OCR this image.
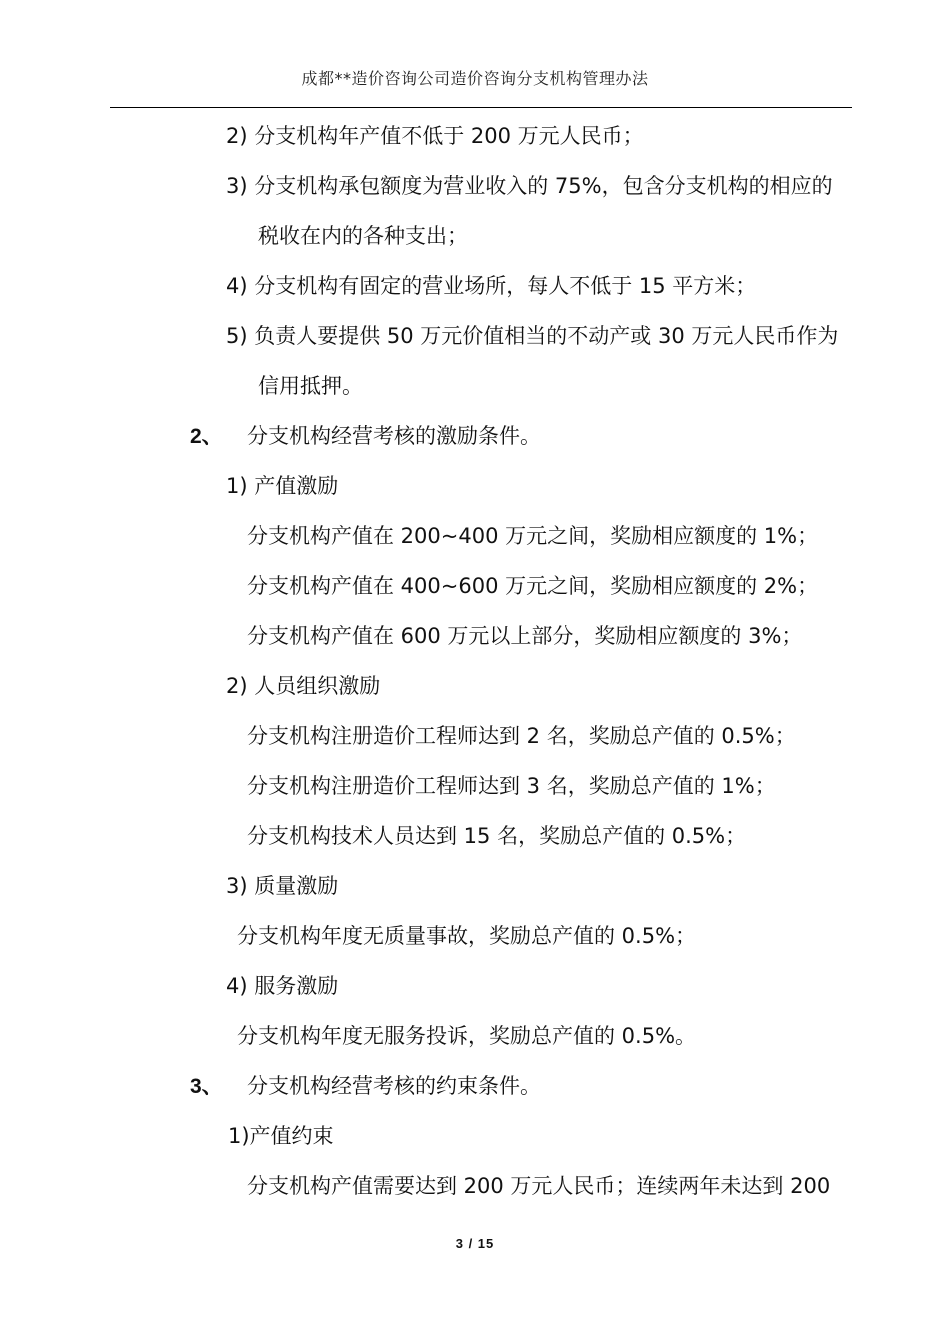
成都**造价咨询公司造价咨询分支机构管理办法
2) 分支机构年产值不低于 200 万元人民币；
3) 分支机构承包额度为营业收入的 75%，包含分支机构的相应的
税收在内的各种支出；
4) 分支机构有固定的营业场所，每人不低于 15 平方米；
5) 负责人要提供 50 万元价值相当的不动产或 30 万元人民币作为
信用抵押。
2、 分支机构经营考核的激励条件。
1) 产值激励
分支机构产值在 200~400 万元之间，奖励相应额度的 1%；
分支机构产值在 400~600 万元之间，奖励相应额度的 2%；
分支机构产值在 600 万元以上部分，奖励相应额度的 3%；
2) 人员组织激励
分支机构注册造价工程师达到 2 名，奖励总产值的 0.5%；
分支机构注册造价工程师达到 3 名，奖励总产值的 1%；
分支机构技术人员达到 15 名，奖励总产值的 0.5%；
3) 质量激励
分支机构年度无质量事故，奖励总产值的 0.5%；
4) 服务激励
分支机构年度无服务投诉，奖励总产值的 0.5%。
3、 分支机构经营考核的约束条件。
1)产值约束
分支机构产值需要达到 200 万元人民币；连续两年未达到 200
3 / 15
